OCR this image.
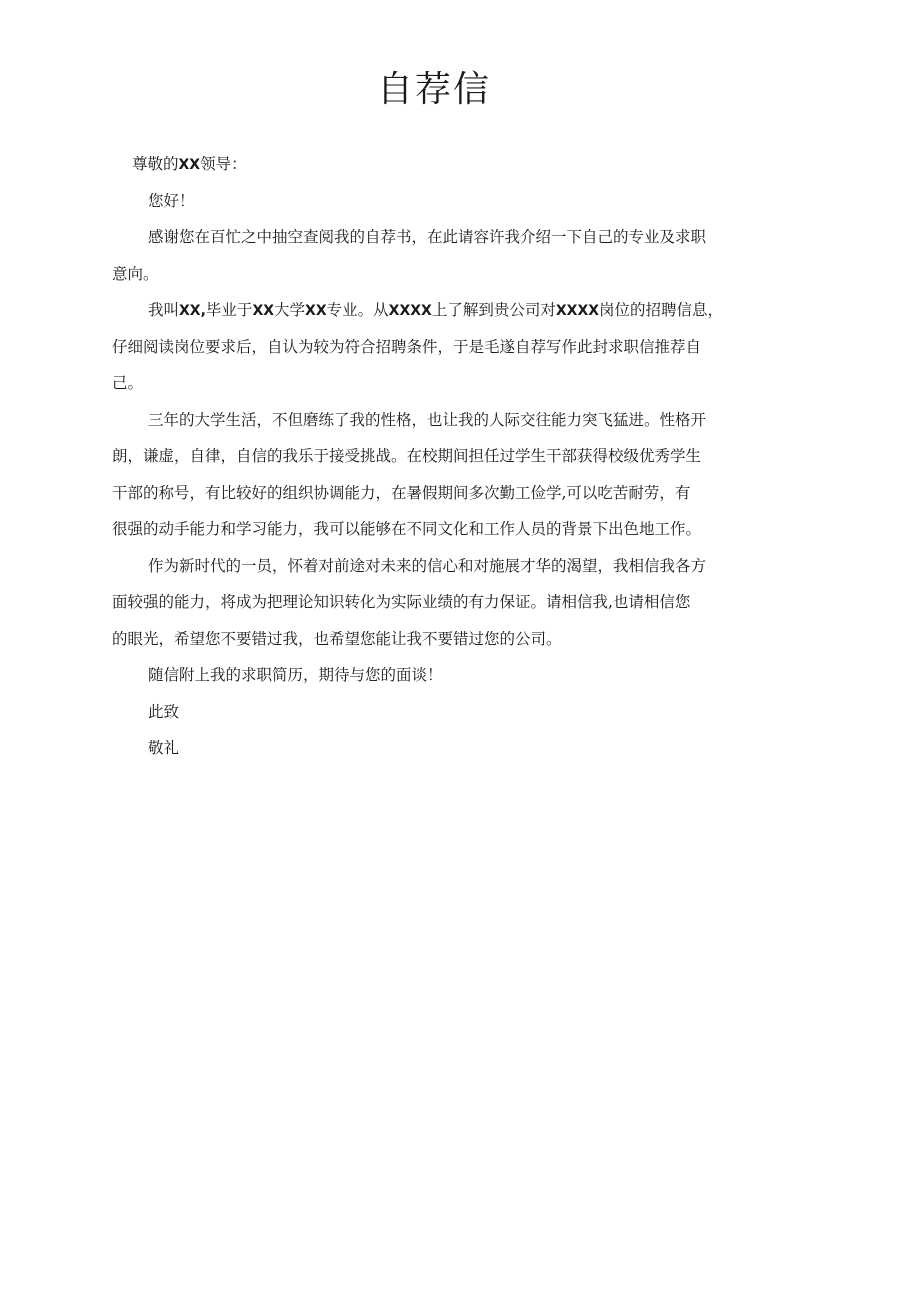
自荐信
尊敬的XX领导：
您好！
感谢您在百忙之中抽空查阅我的自荐书，在此请容许我介绍一下自己的专业及求职
意向。
我叫XX,毕业于XX大学XX专业。从XXXX上了解到贵公司对XXXX岗位的招聘信息，
仔细阅读岗位要求后，自认为较为符合招聘条件，于是毛遂自荐写作此封求职信推荐自
己。
三年的大学生活，不但磨练了我的性格，也让我的人际交往能力突飞猛进。性格开
朗，谦虚，自律，自信的我乐于接受挑战。在校期间担任过学生干部获得校级优秀学生
干部的称号，有比较好的组织协调能力，在暑假期间多次勤工俭学,可以吃苦耐劳，有
很强的动手能力和学习能力，我可以能够在不同文化和工作人员的背景下出色地工作。
作为新时代的一员，怀着对前途对未来的信心和对施展才华的渴望，我相信我各方
面较强的能力，将成为把理论知识转化为实际业绩的有力保证。请相信我,也请相信您
的眼光，希望您不要错过我，也希望您能让我不要错过您的公司。
随信附上我的求职简历，期待与您的面谈！
此致
敬礼
